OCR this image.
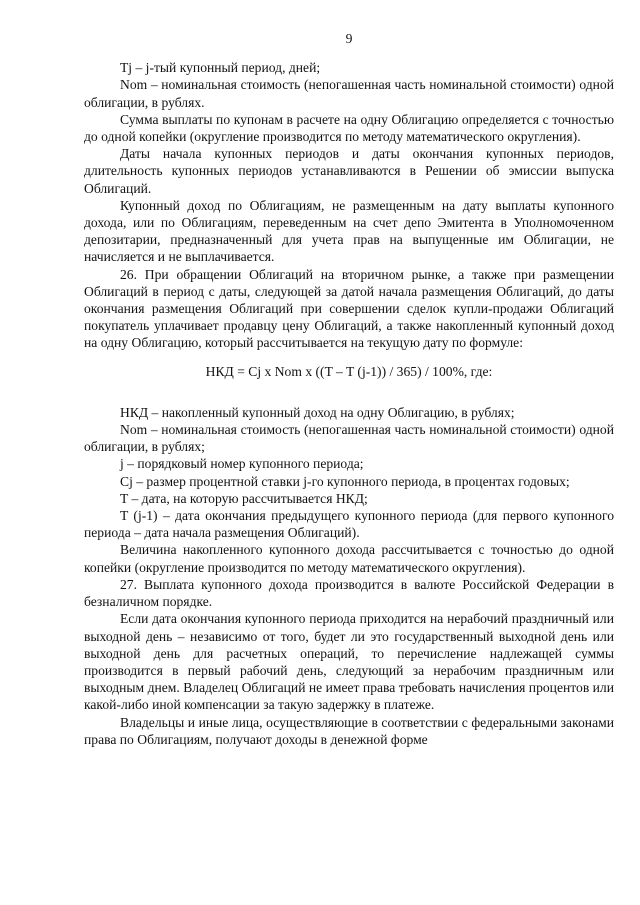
9

Tj – j-тый купонный период, дней;

Nom – номинальная стоимость (непогашенная часть номинальной стоимости) одной облигации, в рублях.

Сумма выплаты по купонам в расчете на одну Облигацию определяется с точностью до одной копейки (округление производится по методу математического округления).

Даты начала купонных периодов и даты окончания купонных периодов, длительность купонных периодов устанавливаются в Решении об эмиссии выпуска Облигаций.

Купонный доход по Облигациям, не размещенным на дату выплаты купонного дохода, или по Облигациям, переведенным на счет депо Эмитента в Уполномоченном депозитарии, предназначенный для учета прав на выпущенные им Облигации, не начисляется и не выплачивается.

26. При обращении Облигаций на вторичном рынке, а также при размещении Облигаций в период с даты, следующей за датой начала размещения Облигаций, до даты окончания размещения Облигаций при совершении сделок купли-продажи Облигаций покупатель уплачивает продавцу цену Облигаций, а также накопленный купонный доход на одну Облигацию, который рассчитывается на текущую дату по формуле:

НКД = Cj x Nom x ((T – T (j-1)) / 365) / 100%, где:

НКД – накопленный купонный доход на одну Облигацию, в рублях;

Nom – номинальная стоимость (непогашенная часть номинальной стоимости) одной облигации, в рублях;

j – порядковый номер купонного периода;

Cj – размер процентной ставки j-го купонного периода, в процентах годовых;

T – дата, на которую рассчитывается НКД;

T (j-1) – дата окончания предыдущего купонного периода (для первого купонного периода – дата начала размещения Облигаций).

Величина накопленного купонного дохода рассчитывается с точностью до одной копейки (округление производится по методу математического округления).

27. Выплата купонного дохода производится в валюте Российской Федерации в безналичном порядке.

Если дата окончания купонного периода приходится на нерабочий праздничный или выходной день – независимо от того, будет ли это государственный выходной день или выходной день для расчетных операций, то перечисление надлежащей суммы производится в первый рабочий день, следующий за нерабочим праздничным или выходным днем. Владелец Облигаций не имеет права требовать начисления процентов или какой-либо иной компенсации за такую задержку в платеже.

Владельцы и иные лица, осуществляющие в соответствии с федеральными законами права по Облигациям, получают доходы в денежной форме
